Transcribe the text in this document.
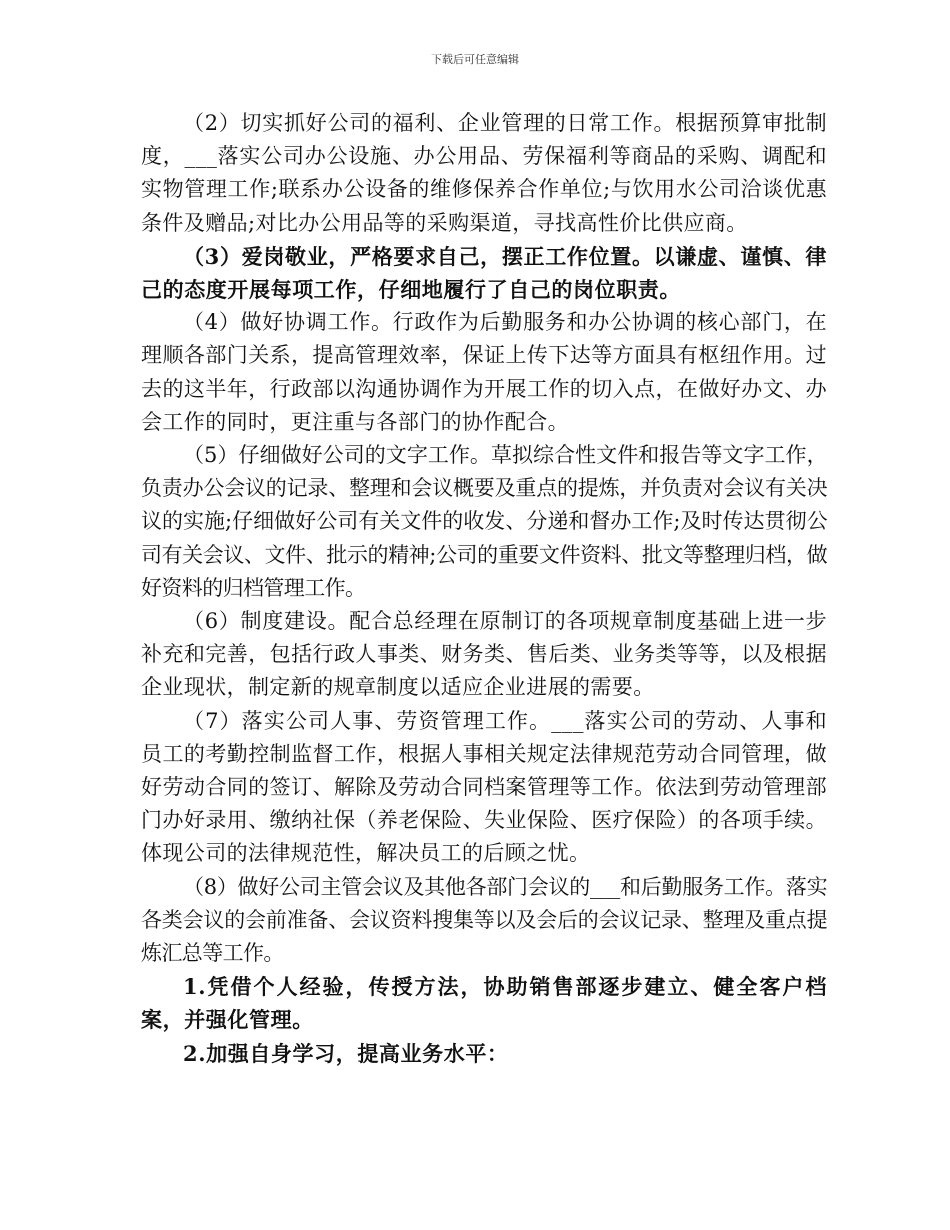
下载后可任意编辑

（2）切实抓好公司的福利、企业管理的日常工作。根据预算审批制度，___落实公司办公设施、办公用品、劳保福利等商品的采购、调配和实物管理工作;联系办公设备的维修保养合作单位;与饮用水公司洽谈优惠条件及赠品;对比办公用品等的采购渠道，寻找高性价比供应商。

（3）爱岗敬业，严格要求自己，摆正工作位置。以谦虚、谨慎、律己的态度开展每项工作，仔细地履行了自己的岗位职责。

（4）做好协调工作。行政作为后勤服务和办公协调的核心部门，在理顺各部门关系，提高管理效率，保证上传下达等方面具有枢纽作用。过去的这半年，行政部以沟通协调作为开展工作的切入点，在做好办文、办会工作的同时，更注重与各部门的协作配合。

（5）仔细做好公司的文字工作。草拟综合性文件和报告等文字工作，负责办公会议的记录、整理和会议概要及重点的提炼，并负责对会议有关决议的实施;仔细做好公司有关文件的收发、分递和督办工作;及时传达贯彻公司有关会议、文件、批示的精神;公司的重要文件资料、批文等整理归档，做好资料的归档管理工作。

（6）制度建设。配合总经理在原制订的各项规章制度基础上进一步补充和完善，包括行政人事类、财务类、售后类、业务类等等，以及根据企业现状，制定新的规章制度以适应企业进展的需要。

（7）落实公司人事、劳资管理工作。___落实公司的劳动、人事和员工的考勤控制监督工作，根据人事相关规定法律规范劳动合同管理，做好劳动合同的签订、解除及劳动合同档案管理等工作。依法到劳动管理部门办好录用、缴纳社保（养老保险、失业保险、医疗保险）的各项手续。体现公司的法律规范性，解决员工的后顾之忧。

（8）做好公司主管会议及其他各部门会议的___和后勤服务工作。落实各类会议的会前准备、会议资料搜集等以及会后的会议记录、整理及重点提炼汇总等工作。

1.凭借个人经验，传授方法，协助销售部逐步建立、健全客户档案，并强化管理。

2.加强自身学习，提高业务水平：
